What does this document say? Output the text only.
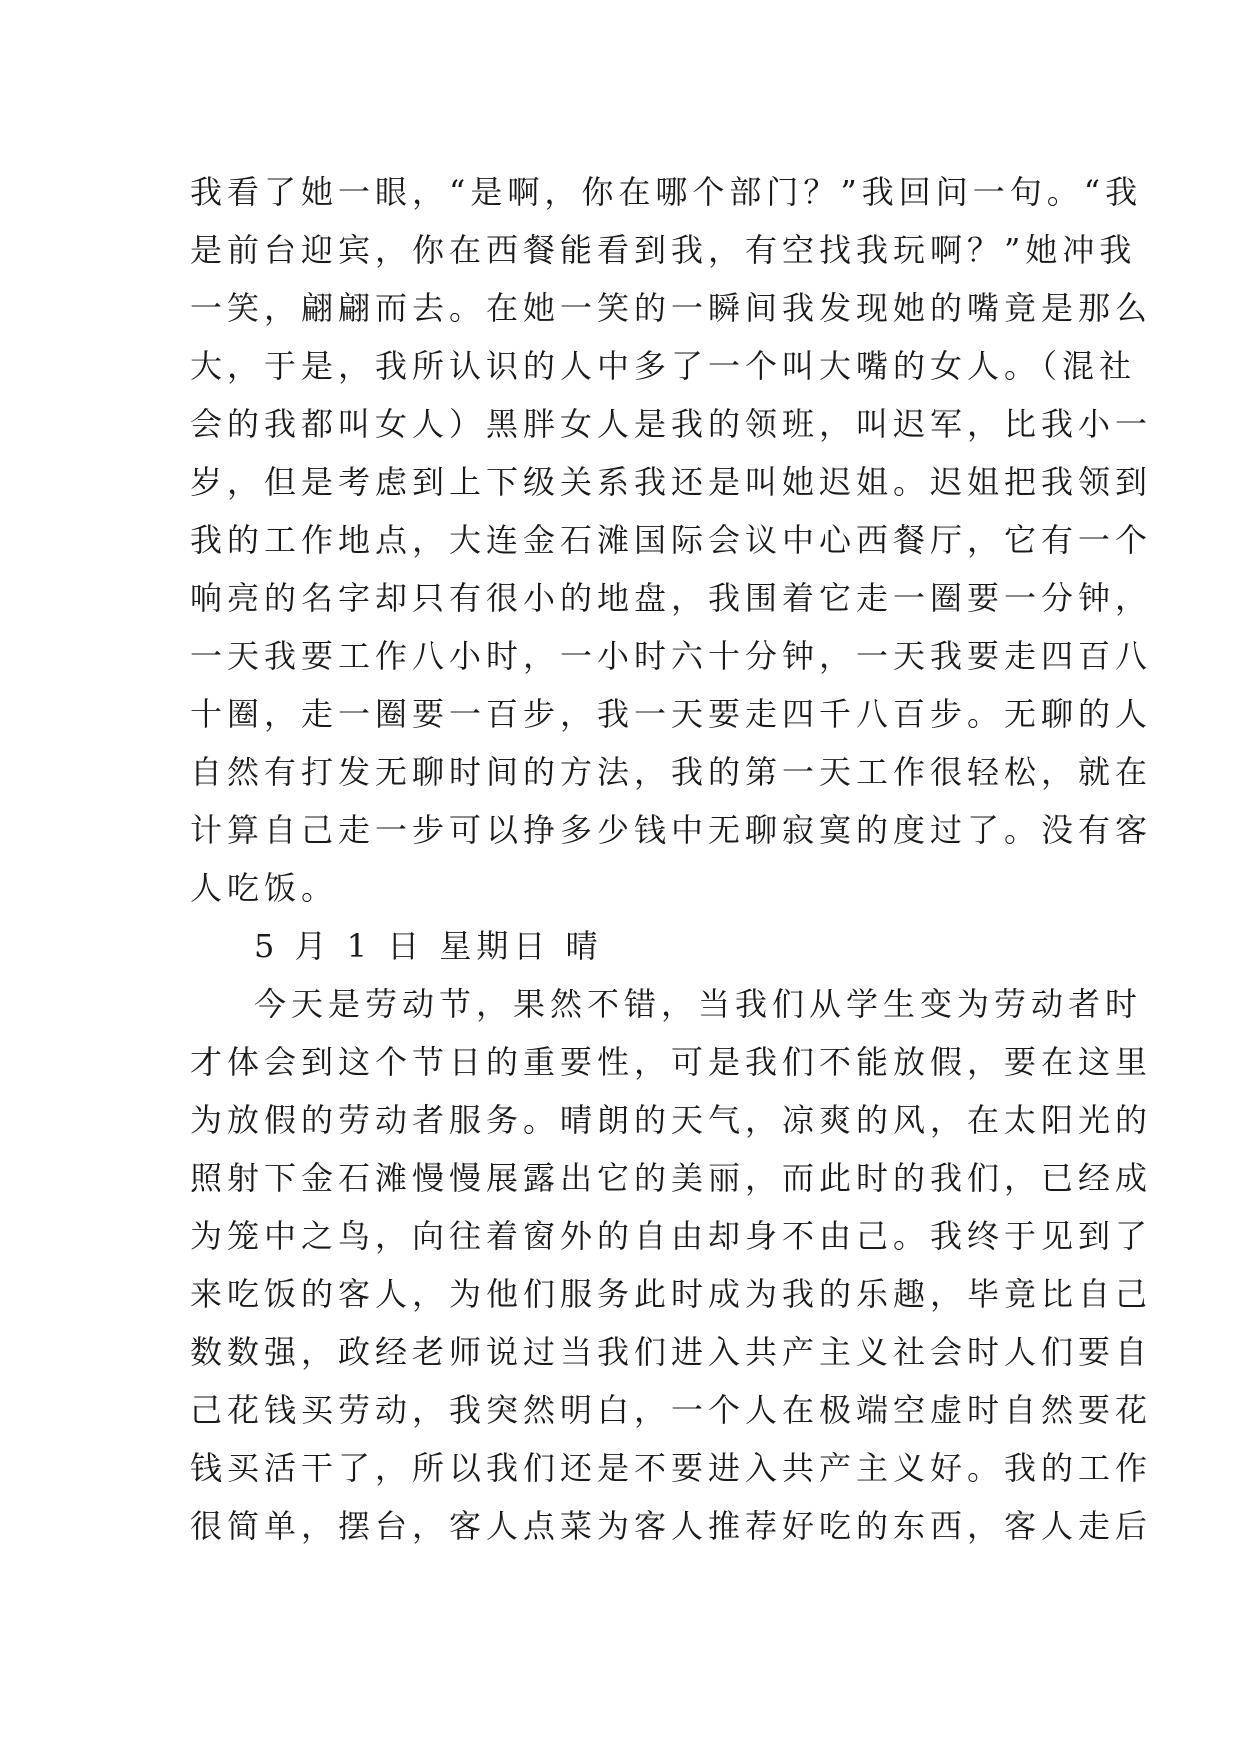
我看了她一眼，“是啊，你在哪个部门？”我回问一句。“我
是前台迎宾，你在西餐能看到我，有空找我玩啊？”她冲我
一笑，翩翩而去。在她一笑的一瞬间我发现她的嘴竟是那么
大，于是，我所认识的人中多了一个叫大嘴的女人。（混社
会的我都叫女人）黑胖女人是我的领班，叫迟军，比我小一
岁，但是考虑到上下级关系我还是叫她迟姐。迟姐把我领到
我的工作地点，大连金石滩国际会议中心西餐厅，它有一个
响亮的名字却只有很小的地盘，我围着它走一圈要一分钟，
一天我要工作八小时，一小时六十分钟，一天我要走四百八
十圈，走一圈要一百步，我一天要走四千八百步。无聊的人
自然有打发无聊时间的方法，我的第一天工作很轻松，就在
计算自己走一步可以挣多少钱中无聊寂寞的度过了。没有客
人吃饭。
5 月 1 日 星期日 晴
今天是劳动节，果然不错，当我们从学生变为劳动者时
才体会到这个节日的重要性，可是我们不能放假，要在这里
为放假的劳动者服务。晴朗的天气，凉爽的风，在太阳光的
照射下金石滩慢慢展露出它的美丽，而此时的我们，已经成
为笼中之鸟，向往着窗外的自由却身不由己。我终于见到了
来吃饭的客人，为他们服务此时成为我的乐趣，毕竟比自己
数数强，政经老师说过当我们进入共产主义社会时人们要自
己花钱买劳动，我突然明白，一个人在极端空虚时自然要花
钱买活干了，所以我们还是不要进入共产主义好。我的工作
很简单，摆台，客人点菜为客人推荐好吃的东西，客人走后
